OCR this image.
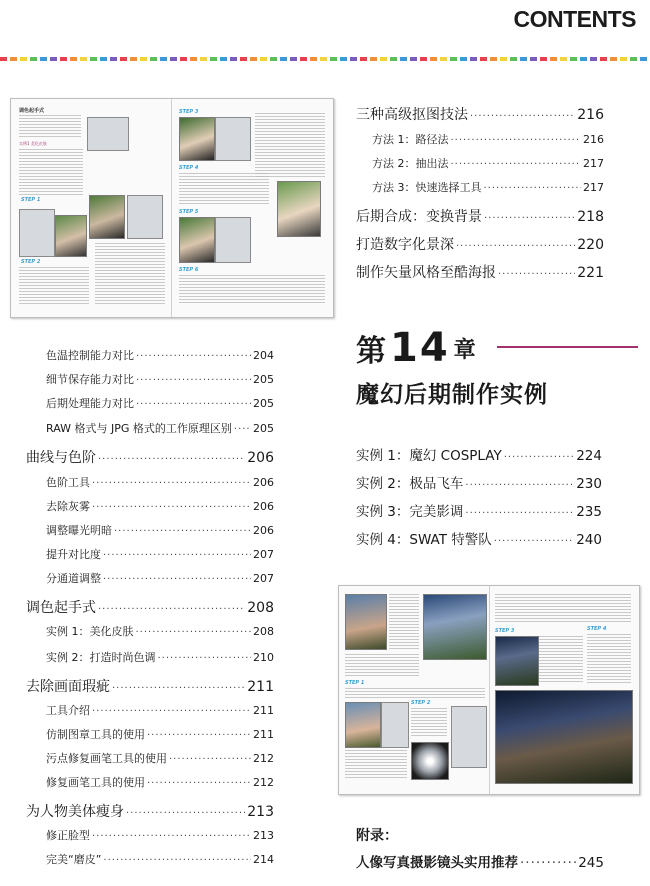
CONTENTS
调色起手式
实例1 美化皮肤
STEP 1
STEP 2
STEP 3
STEP 4
STEP 5
STEP 6
色温控制能力对比 ·····	204
细节保存能力对比 ·····	205
后期处理能力对比 ·····	205
RAW 格式与 JPG 格式的工作原理区别 ····· 205
曲线与色阶 ·····	206
色阶工具 ·····	206
去除灰雾 ·····	206
调整曝光明暗 ·····	206
提升对比度 ·····	207
分通道调整 ·····	207
调色起手式 ·····	208
实例 1：美化皮肤 ·····	208
实例 2：打造时尚色调 ·····	210
去除画面瑕疵 ·····	211
工具介绍 ·····	211
仿制图章工具的使用 ·····	211
污点修复画笔工具的使用 ·····	212
修复画笔工具的使用 ·····	212
为人物美体瘦身 ·····	213
修正脸型 ·····	213
完美“磨皮” ·····	214
三种高级抠图技法 ·····	216
方法 1：路径法 ·····	216
方法 2：抽出法 ·····	217
方法 3：快速选择工具 ·····	217
后期合成：变换背景 ·····	218
打造数字化景深 ·····	220
制作矢量风格至酷海报 ·····	221
第 14 章
魔幻后期制作实例
实例 1：魔幻 COSPLAY ·····	224
实例 2：极品飞车 ·····	230
实例 3：完美影调 ·····	235
实例 4：SWAT 特警队 ·····	240
STEP 1
STEP 2
STEP 3	STEP 4
附录：
人像写真摄影镜头实用推荐 ·····	245
